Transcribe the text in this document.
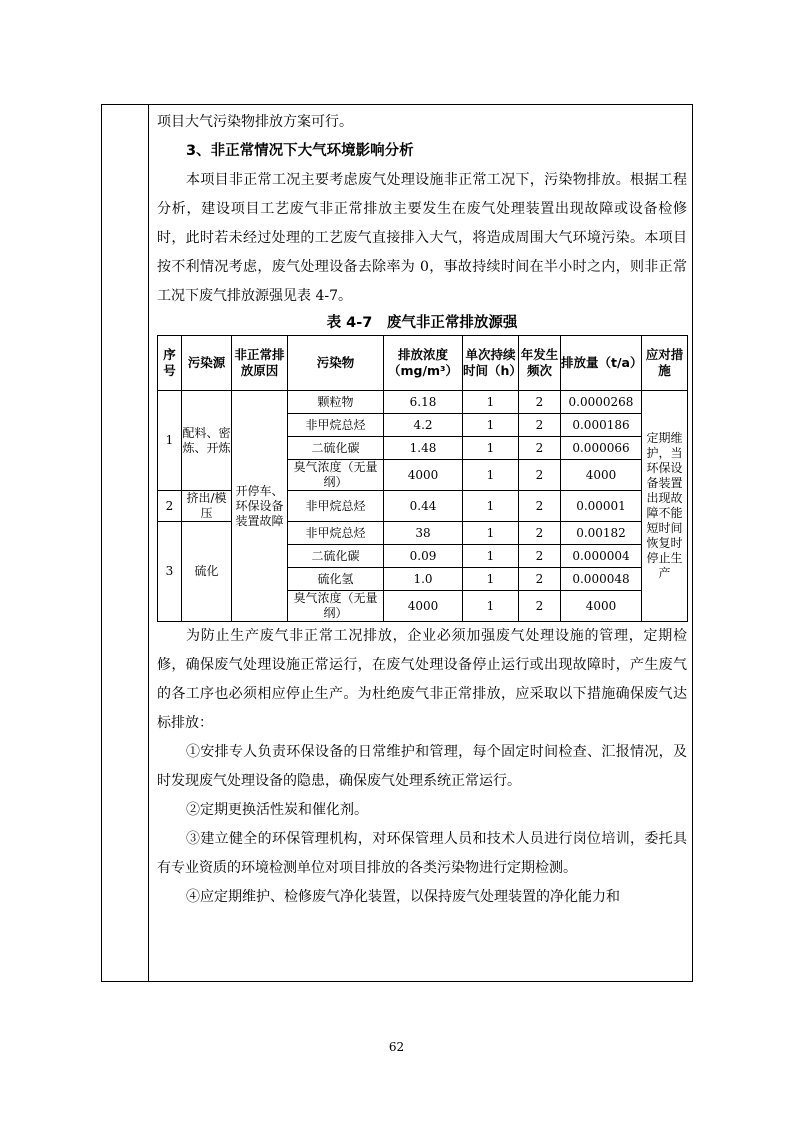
项目大气污染物排放方案可行。

3、非正常情况下大气环境影响分析

本项目非正常工况主要考虑废气处理设施非正常工况下，污染物排放。根据工程分析，建设项目工艺废气非正常排放主要发生在废气处理装置出现故障或设备检修时，此时若未经过处理的工艺废气直接排入大气，将造成周围大气环境污染。本项目按不利情况考虑，废气处理设备去除率为 0，事故持续时间在半小时之内，则非正常工况下废气排放源强见表 4-7。

表 4-7　废气非正常排放源强

序号	污染源	非正常排放原因	污染物	排放浓度（mg/m³）	单次持续时间（h）	年发生频次	排放量（t/a）	应对措施
1	配料、密炼、开炼	开停车、环保设备装置故障	颗粒物	6.18	1	2	0.0000268	定期维护，当环保设备装置出现故障不能短时间恢复时停止生产
			非甲烷总烃	4.2	1	2	0.000186	
			二硫化碳	1.48	1	2	0.000066	
			臭气浓度（无量纲）	4000	1	2	4000	
2	挤出/模压		非甲烷总烃	0.44	1	2	0.00001	
3	硫化		非甲烷总烃	38	1	2	0.00182	
			二硫化碳	0.09	1	2	0.000004	
			硫化氢	1.0	1	2	0.000048	
			臭气浓度（无量纲）	4000	1	2	4000	

为防止生产废气非正常工况排放，企业必须加强废气处理设施的管理，定期检修，确保废气处理设施正常运行，在废气处理设备停止运行或出现故障时，产生废气的各工序也必须相应停止生产。为杜绝废气非正常排放，应采取以下措施确保废气达标排放：

①安排专人负责环保设备的日常维护和管理，每个固定时间检查、汇报情况，及时发现废气处理设备的隐患，确保废气处理系统正常运行。

②定期更换活性炭和催化剂。

③建立健全的环保管理机构，对环保管理人员和技术人员进行岗位培训，委托具有专业资质的环境检测单位对项目排放的各类污染物进行定期检测。

④应定期维护、检修废气净化装置，以保持废气处理装置的净化能力和

62
